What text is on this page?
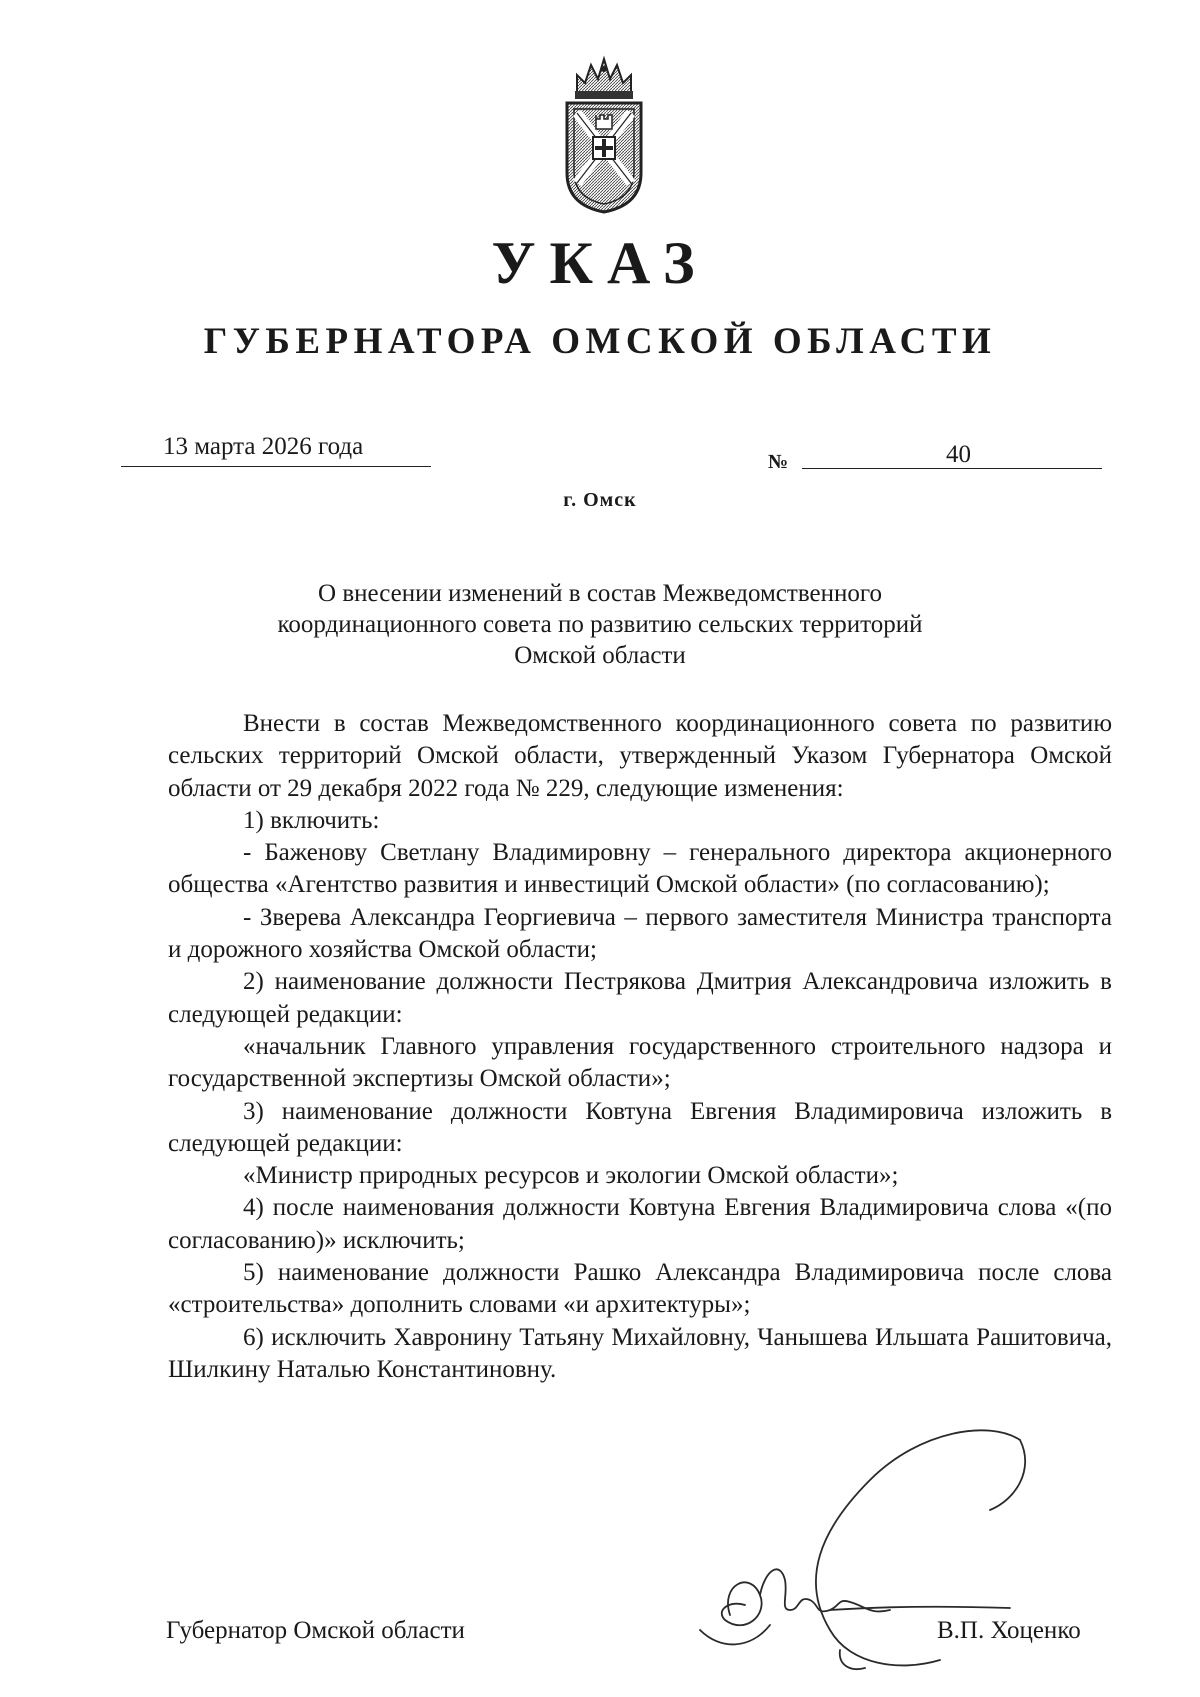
УКАЗ
ГУБЕРНАТОРА ОМСКОЙ ОБЛАСТИ
13 марта 2026 года
№	40
г. Омск
О внесении изменений в состав Межведомственного координационного совета по развитию сельских территорий Омской области

Внести в состав Межведомственного координационного совета по развитию сельских территорий Омской области, утвержденный Указом Губернатора Омской области от 29 декабря 2022 года № 229, следующие изменения:

1) включить:

- Баженову Светлану Владимировну – генерального директора акционерного общества «Агентство развития и инвестиций Омской области» (по согласованию);

- Зверева Александра Георгиевича – первого заместителя Министра транспорта и дорожного хозяйства Омской области;

2) наименование должности Пестрякова Дмитрия Александровича изложить в следующей редакции:

«начальник Главного управления государственного строительного надзора и государственной экспертизы Омской области»;

3) наименование должности Ковтуна Евгения Владимировича изложить в следующей редакции:

«Министр природных ресурсов и экологии Омской области»;

4) после наименования должности Ковтуна Евгения Владимировича слова «(по согласованию)» исключить;

5) наименование должности Рашко Александра Владимировича после слова «строительства» дополнить словами «и архитектуры»;

6) исключить Хавронину Татьяну Михайловну, Чанышева Ильшата Рашитовича, Шилкину Наталью Константиновну.

Губернатор Омской области	В.П. Хоценко
